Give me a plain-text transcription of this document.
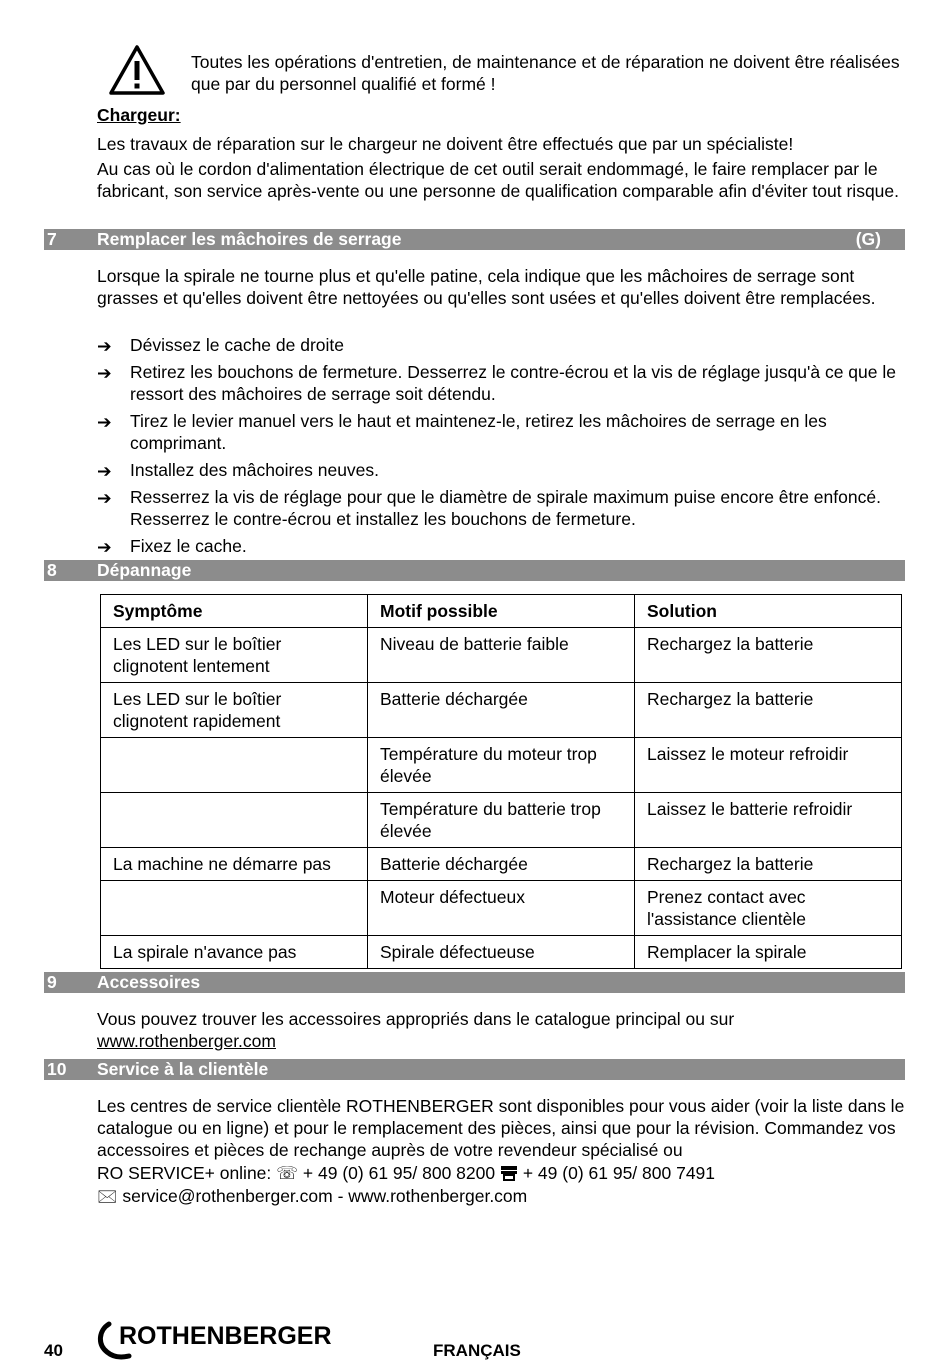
Toutes les opérations d'entretien, de maintenance et de réparation ne doivent être réalisées que par du personnel qualifié et formé !

Chargeur:

Les travaux de réparation sur le chargeur ne doivent être effectués que par un spécialiste!

Au cas où le cordon d'alimentation électrique de cet outil serait endommagé, le faire remplacer par le fabricant, son service après-vente ou une personne de qualification comparable afin d'éviter tout risque.

7 Remplacer les mâchoires de serrage	(G)

Lorsque la spirale ne tourne plus et qu'elle patine, cela indique que les mâchoires de serrage sont grasses et qu'elles doivent être nettoyées ou qu'elles sont usées et qu'elles doivent être remplacées.

➔ Dévissez le cache de droite
➔ Retirez les bouchons de fermeture. Desserrez le contre-écrou et la vis de réglage jusqu'à ce que le ressort des mâchoires de serrage soit détendu.
➔ Tirez le levier manuel vers le haut et maintenez-le, retirez les mâchoires de serrage en les comprimant.
➔ Installez des mâchoires neuves.
➔ Resserrez la vis de réglage pour que le diamètre de spirale maximum puise encore être enfoncé. Resserrez le contre-écrou et installez les bouchons de fermeture.
➔ Fixez le cache.
8 Dépannage
Symptôme	Motif possible	Solution
Les LED sur le boîtier clignotent lentement	Niveau de batterie faible	Rechargez la batterie
Les LED sur le boîtier clignotent rapidement	Batterie déchargée	Rechargez la batterie
	Température du moteur trop élevée	Laissez le moteur refroidir
	Température du batterie trop élevée	Laissez le batterie refroidir
La machine ne démarre pas	Batterie déchargée	Rechargez la batterie
	Moteur défectueux	Prenez contact avec l'assistance clientèle
La spirale n'avance pas	Spirale défectueuse	Remplacer la spirale
9 Accessoires

Vous pouvez trouver les accessoires appropriés dans le catalogue principal ou sur
www.rothenberger.com

10 Service à la clientèle

Les centres de service clientèle ROTHENBERGER sont disponibles pour vous aider (voir la liste dans le catalogue ou en ligne) et pour le remplacement des pièces, ainsi que pour la révision. Commandez vos accessoires et pièces de rechange auprès de votre revendeur spécialisé ou

RO SERVICE+ online: ☏ + 49 (0) 61 95/ 800 8200 + 49 (0) 61 95/ 800 7491

🖂 service@rothenberger.com - www.rothenberger.com

40
ROTHENBERGER
FRANÇAIS
